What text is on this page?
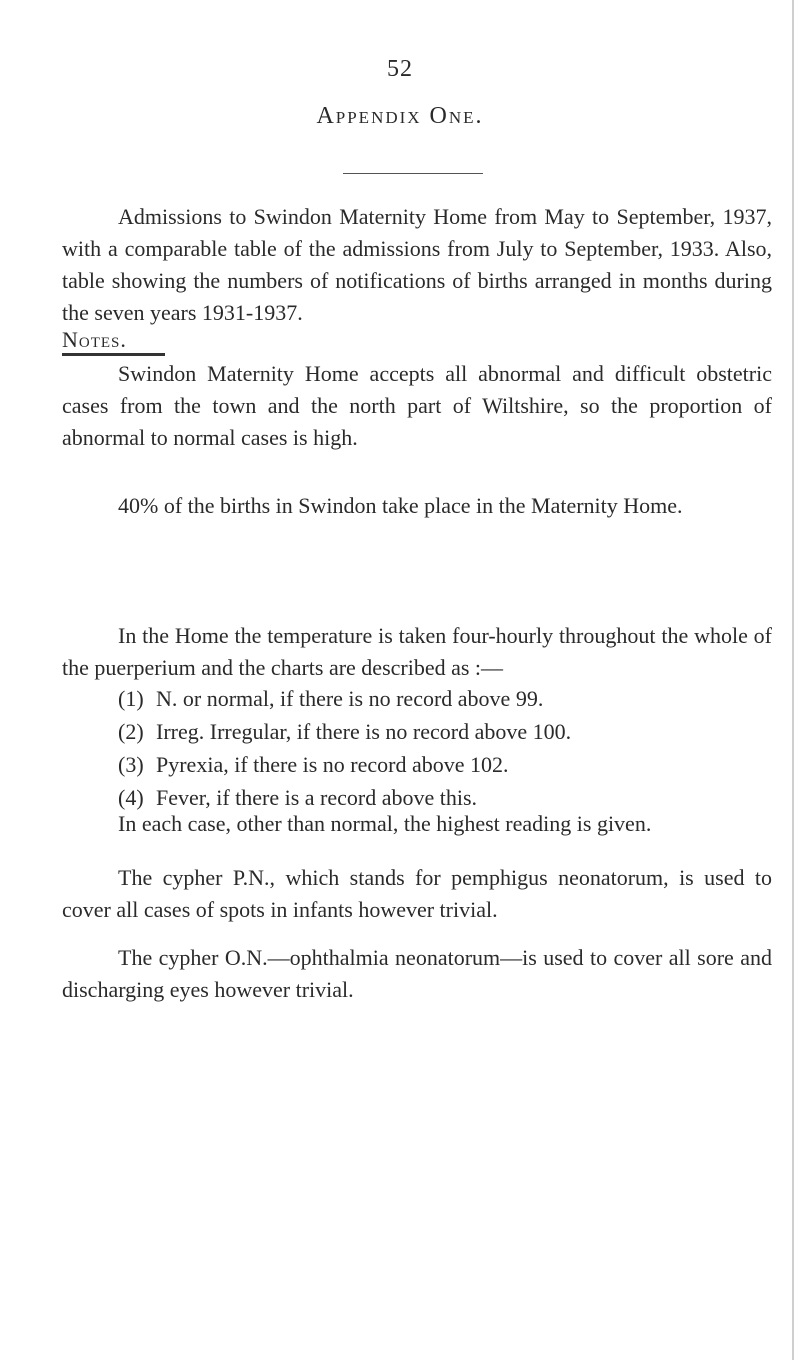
52
Appendix One.

Admissions to Swindon Maternity Home from May to September, 1937, with a comparable table of the admissions from July to September, 1933. Also, table showing the numbers of notifications of births arranged in months during the seven years 1931-1937.

Notes.

Swindon Maternity Home accepts all abnormal and difficult obstetric cases from the town and the north part of Wiltshire, so the proportion of abnormal to normal cases is high.

40% of the births in Swindon take place in the Maternity Home.

In the Home the temperature is taken four-hourly throughout the whole of the puerperium and the charts are described as :—

(1) N. or normal, if there is no record above 99.
(2) Irreg. Irregular, if there is no record above 100.
(3) Pyrexia, if there is no record above 102.
(4) Fever, if there is a record above this.

In each case, other than normal, the highest reading is given.

The cypher P.N., which stands for pemphigus neonatorum, is used to cover all cases of spots in infants however trivial.

The cypher O.N.—ophthalmia neonatorum—is used to cover all sore and discharging eyes however trivial.
